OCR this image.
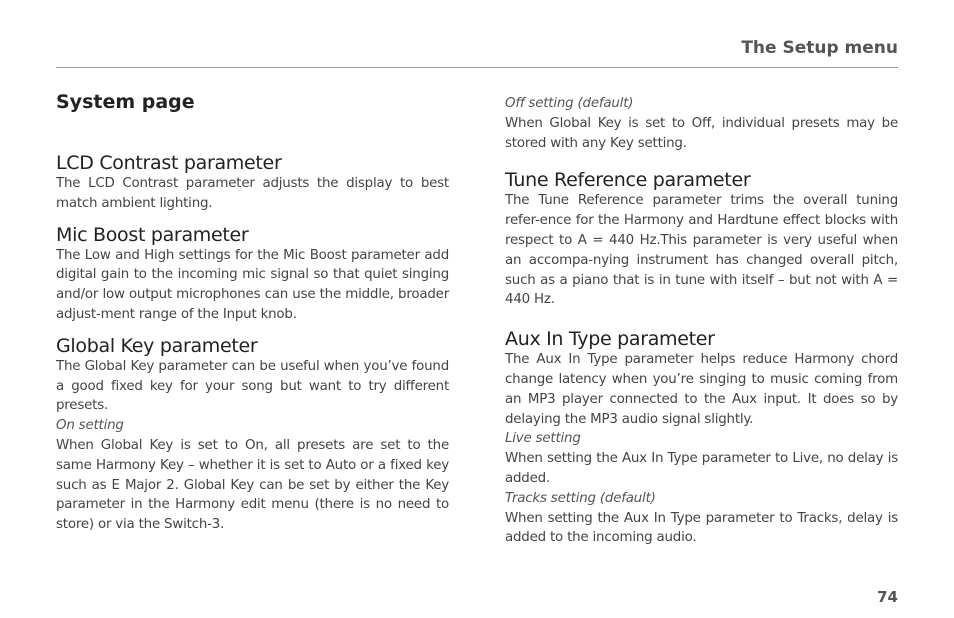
The Setup menu
System page
LCD Contrast parameter

The LCD Contrast parameter adjusts the display to best match ambient lighting.

Mic Boost parameter

The Low and High settings for the Mic Boost parameter add digital gain to the incoming mic signal so that quiet singing and/or low output microphones can use the middle, broader adjust-ment range of the Input knob.

Global Key parameter

The Global Key parameter can be useful when you’ve found a good fixed key for your song but want to try different presets.

On setting

When Global Key is set to On, all presets are set to the same Harmony Key – whether it is set to Auto or a fixed key such as E Major 2. Global Key can be set by either the Key parameter in the Harmony edit menu (there is no need to store) or via the Switch-3.

Off setting (default)

When Global Key is set to Off, individual presets may be stored with any Key setting.

Tune Reference parameter

The Tune Reference parameter trims the overall tuning refer-ence for the Harmony and Hardtune effect blocks with respect to A = 440 Hz.This parameter is very useful when an accompa-nying instrument has changed overall pitch, such as a piano that is in tune with itself – but not with A = 440 Hz.

Aux In Type parameter

The Aux In Type parameter helps reduce Harmony chord change latency when you’re singing to music coming from an MP3 player connected to the Aux input. It does so by delaying the MP3 audio signal slightly.

Live setting

When setting the Aux In Type parameter to Live, no delay is added.

Tracks setting (default)

When setting the Aux In Type parameter to Tracks, delay is added to the incoming audio.

74
